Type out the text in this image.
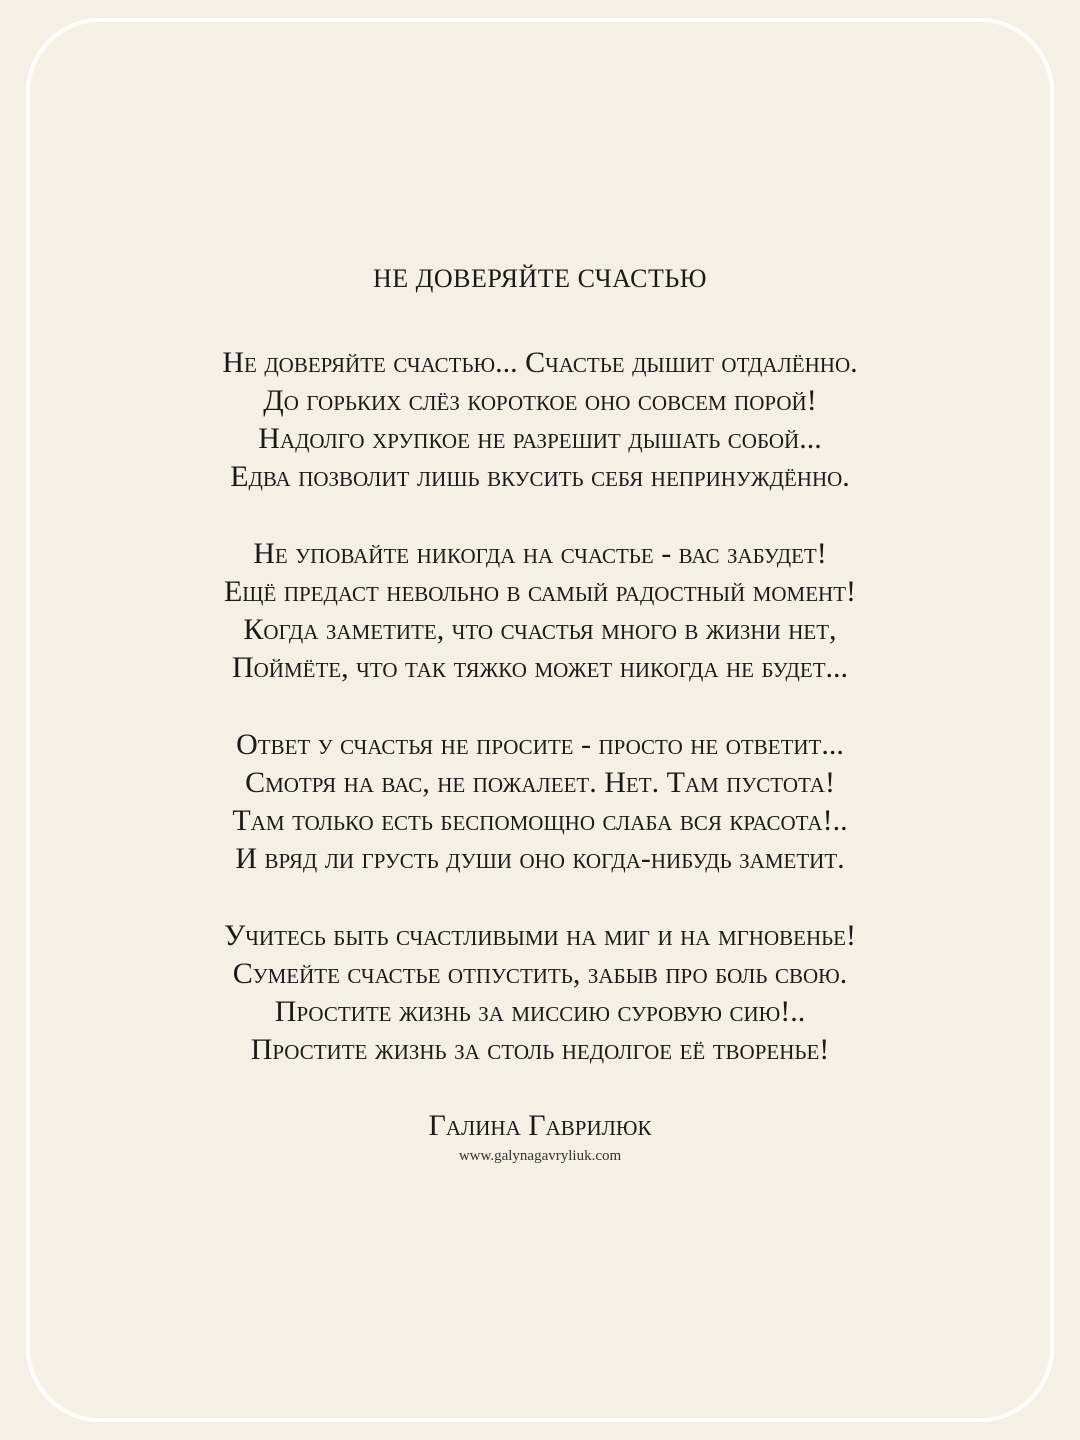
НЕ ДОВЕРЯЙТЕ СЧАСТЬЮ
Не доверяйте счастью... Счастье дышит отдалённо.
До горьких слёз короткое оно совсем порой!
Надолго хрупкое не разрешит дышать собой...
Едва позволит лишь вкусить себя непринуждённо.
Не уповайте никогда на счастье - вас забудет!
Ещё предаст невольно в самый радостный момент!
Когда заметите, что счастья много в жизни нет,
Поймёте, что так тяжко может никогда не будет...
Ответ у счастья не просите - просто не ответит...
Смотря на вас, не пожалеет. Нет. Там пустота!
Там только есть беспомощно слаба вся красота!..
И вряд ли грусть души оно когда-нибудь заметит.
Учитесь быть счастливыми на миг и на мгновенье!
Сумейте счастье отпустить, забыв про боль свою.
Простите жизнь за миссию суровую сию!..
Простите жизнь за столь недолгое её творенье!
Галина Гаврилюк
www.galynagavryliuk.com
